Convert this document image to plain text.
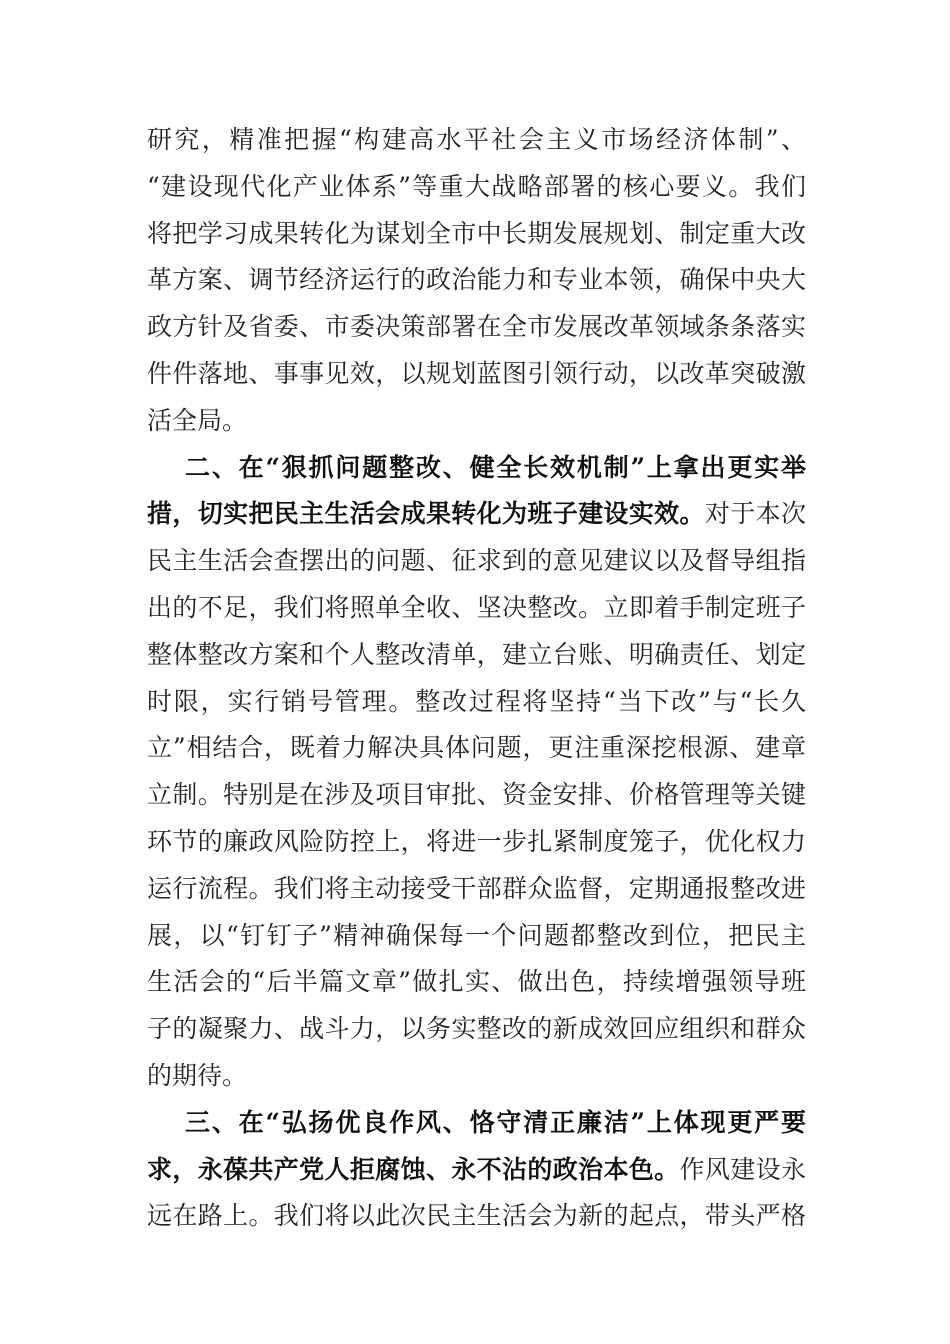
研究，精准把握“构建高水平社会主义市场经济体制”、
“建设现代化产业体系”等重大战略部署的核心要义。我们
将把学习成果转化为谋划全市中长期发展规划、制定重大改
革方案、调节经济运行的政治能力和专业本领，确保中央大
政方针及省委、市委决策部署在全市发展改革领域条条落实
件件落地、事事见效，以规划蓝图引领行动，以改革突破激
活全局。
二、在“狠抓问题整改、健全长效机制”上拿出更实举
措，切实把民主生活会成果转化为班子建设实效。对于本次
民主生活会查摆出的问题、征求到的意见建议以及督导组指
出的不足，我们将照单全收、坚决整改。立即着手制定班子
整体整改方案和个人整改清单，建立台账、明确责任、划定
时限，实行销号管理。整改过程将坚持“当下改”与“长久
立”相结合，既着力解决具体问题，更注重深挖根源、建章
立制。特别是在涉及项目审批、资金安排、价格管理等关键
环节的廉政风险防控上，将进一步扎紧制度笼子，优化权力
运行流程。我们将主动接受干部群众监督，定期通报整改进
展，以“钉钉子”精神确保每一个问题都整改到位，把民主
生活会的“后半篇文章”做扎实、做出色，持续增强领导班
子的凝聚力、战斗力，以务实整改的新成效回应组织和群众
的期待。
三、在“弘扬优良作风、恪守清正廉洁”上体现更严要
求，永葆共产党人拒腐蚀、永不沾的政治本色。作风建设永
远在路上。我们将以此次民主生活会为新的起点，带头严格
